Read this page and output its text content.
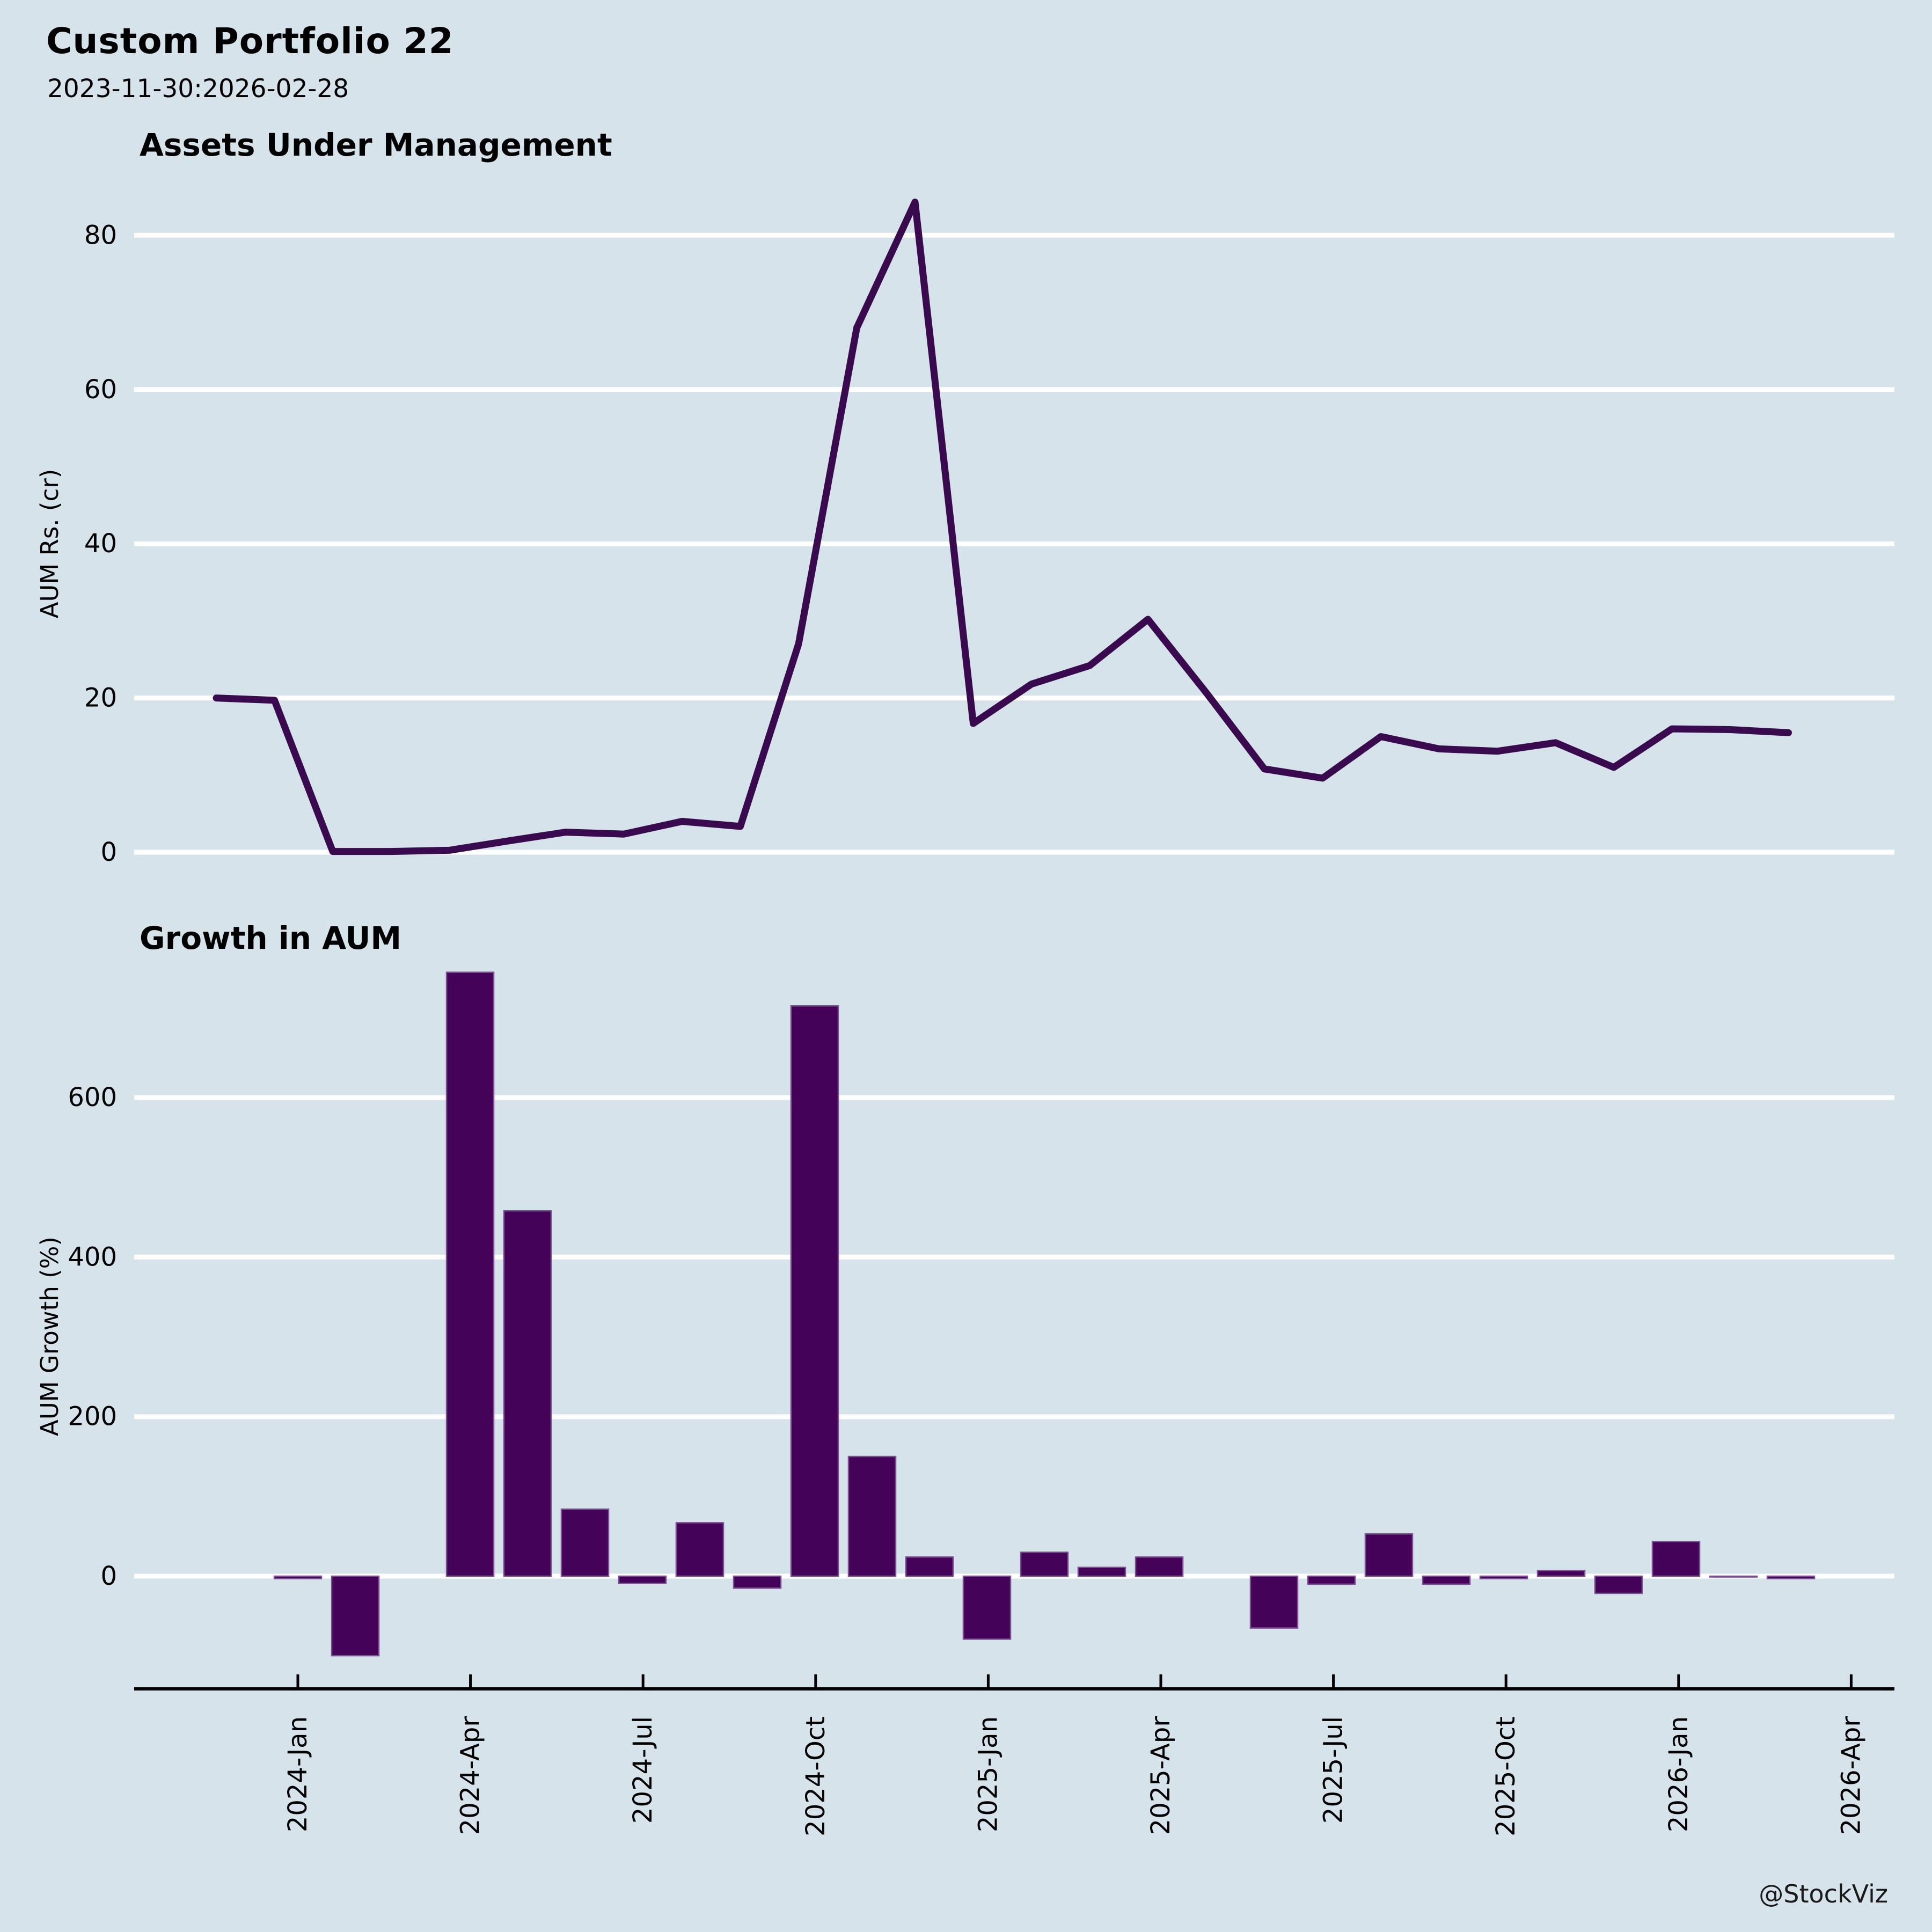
Custom Portfolio 22
2023-11-30:2026-02-28
Assets Under Management
Growth in AUM
0
20
40
60
80
AUM Rs. (cr)
0
200
400
600
AUM Growth (%)
2024-Jan	2024-Apr	2024-Jul	2024-Oct	2025-Jan	2025-Apr	2025-Jul	2025-Oct	2026-Jan	2026-Apr
@StockViz
